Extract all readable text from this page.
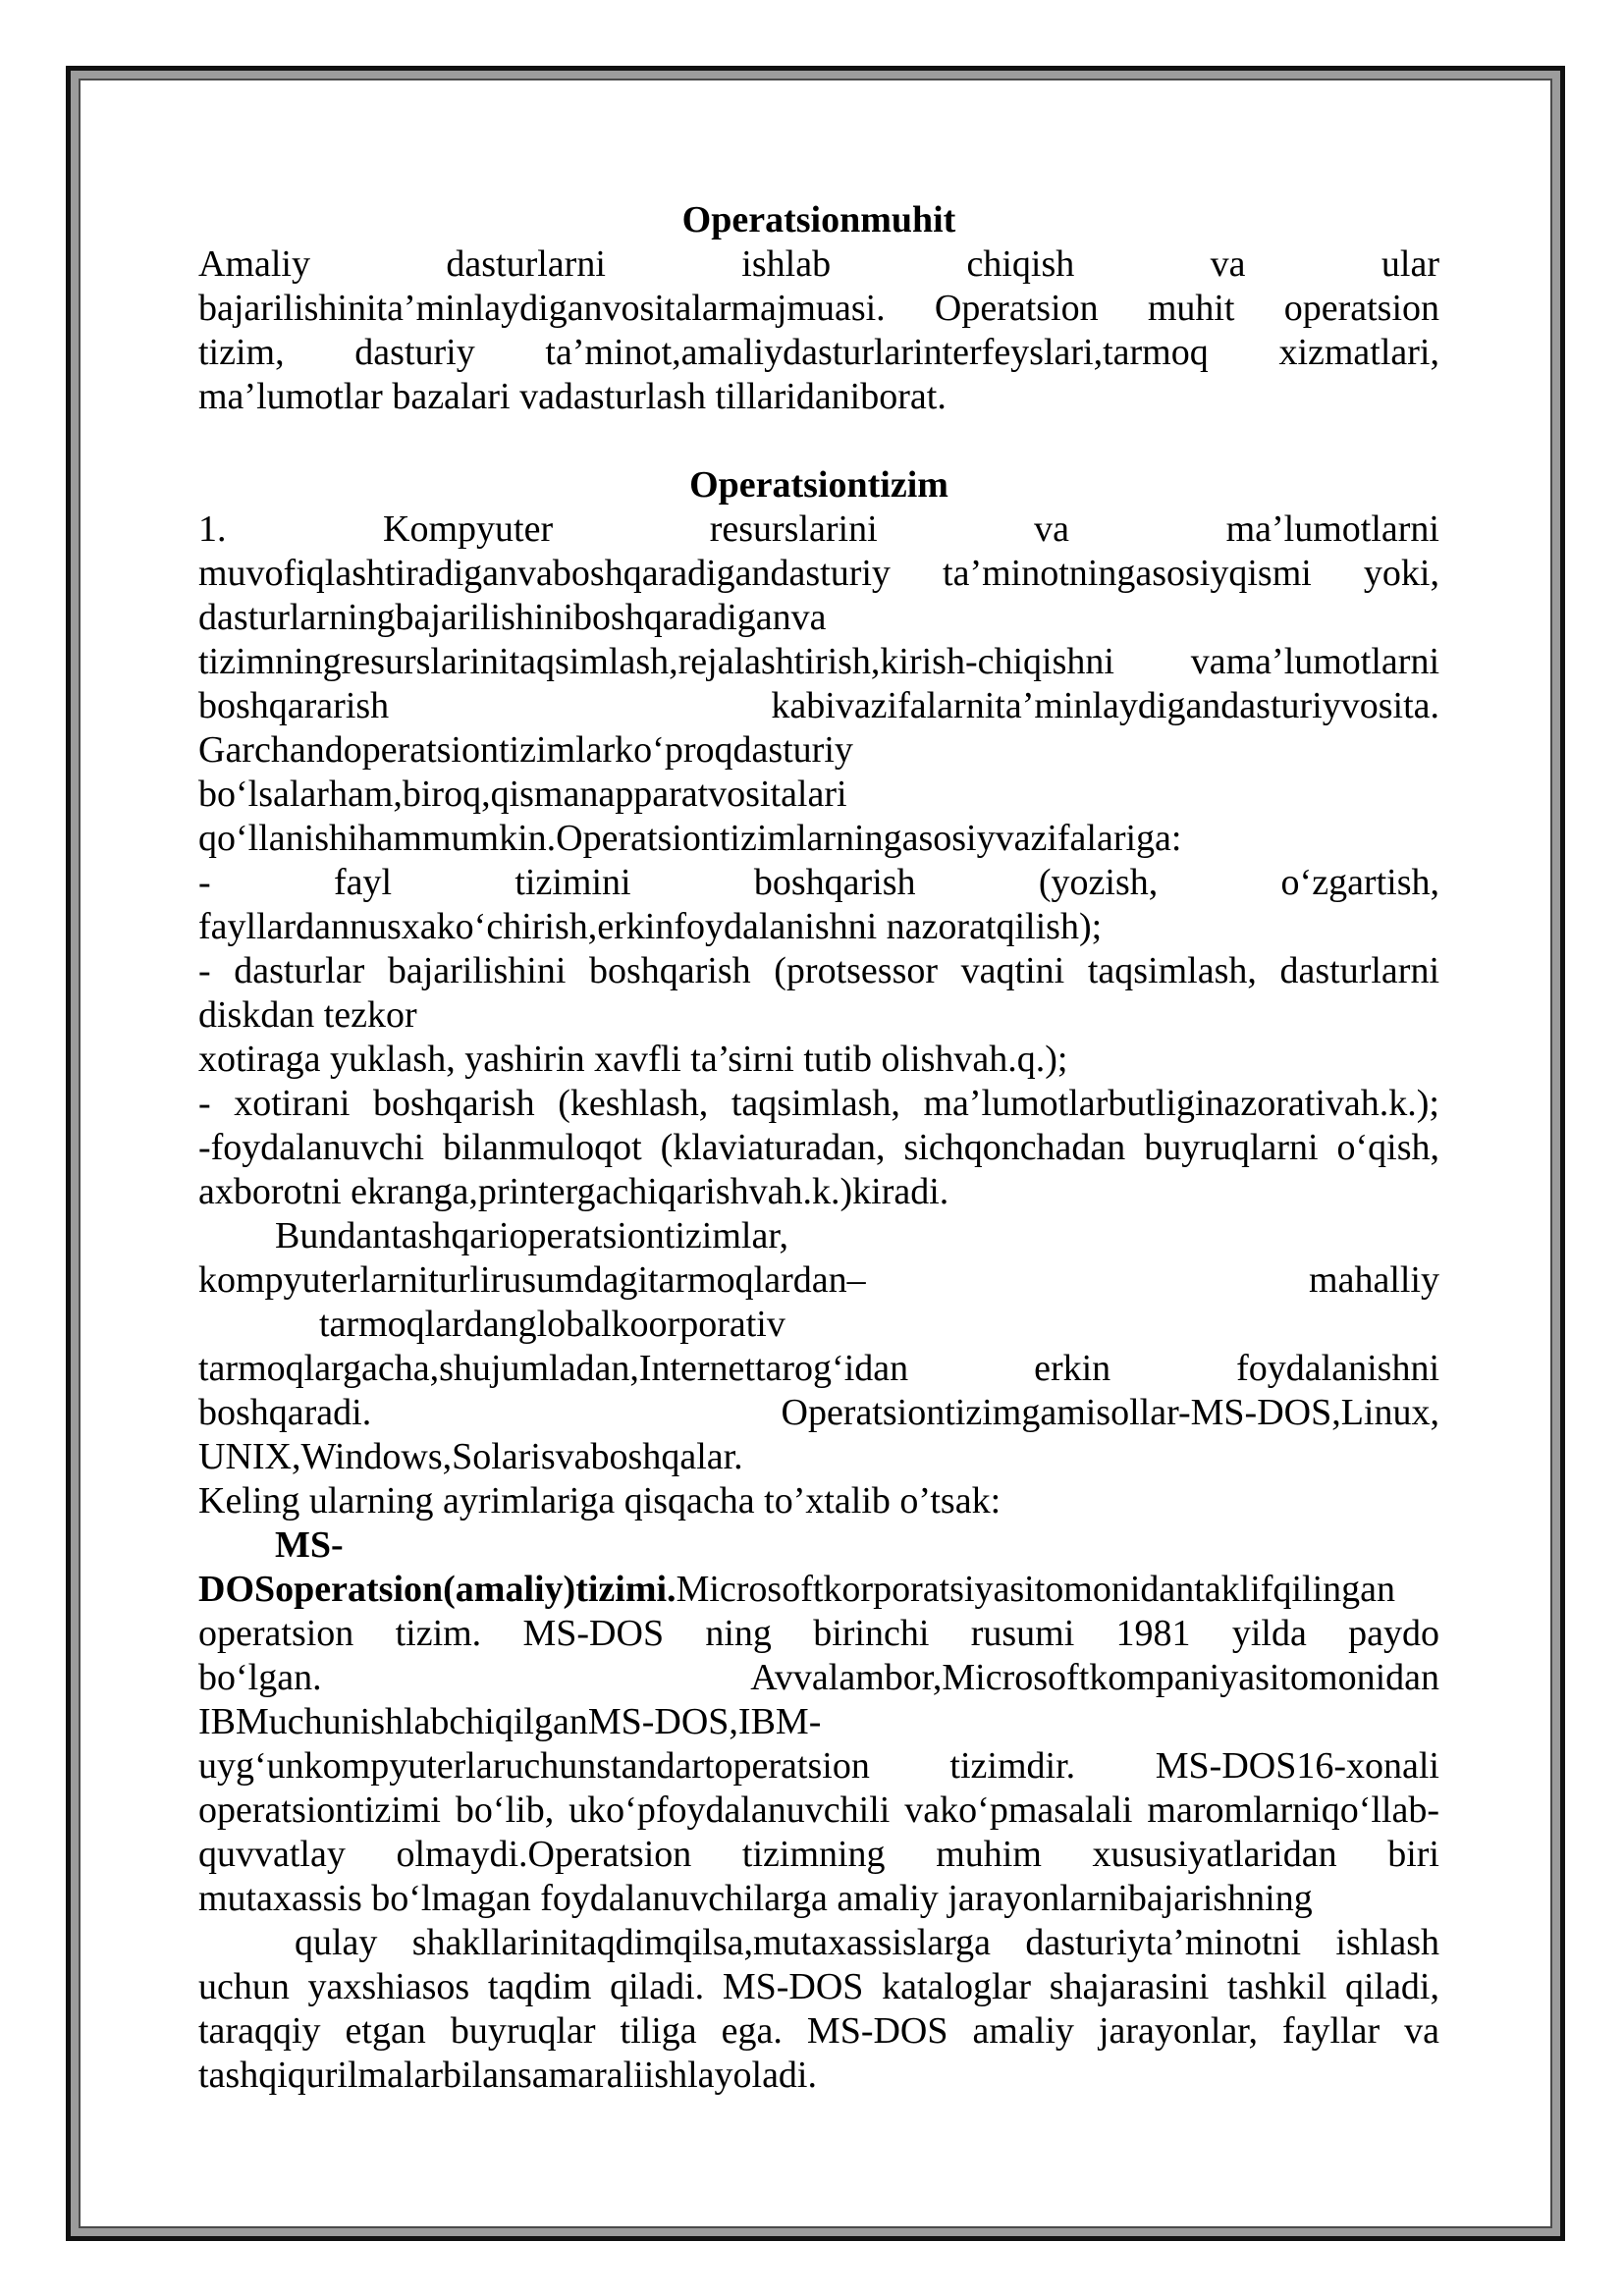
Operatsionmuhit
Amaliy dasturlarni ishlab chiqish va ular
bajarilishinita’minlaydiganvositalarmajmuasi. Operatsion muhit operatsion
tizim, dasturiy ta’minot,amaliydasturlarinterfeyslari,tarmoq xizmatlari,
ma’lumotlar bazalari vadasturlash tillaridaniborat.
Operatsiontizim
1. Kompyuter resurslarini va ma’lumotlarni
muvofiqlashtiradiganvaboshqaradigandasturiy ta’minotningasosiyqismi yoki,
dasturlarningbajarilishiniboshqaradiganva
tizimningresurslarinitaqsimlash,rejalashtirish,kirish-chiqishni vama’lumotlarni
boshqararish kabivazifalarnita’minlaydigandasturiyvosita.
Garchandoperatsiontizimlarko‘proqdasturiy
bo‘lsalarham,biroq,qismanapparatvositalari
qo‘llanishihammumkin.Operatsiontizimlarningasosiyvazifalariga:
- fayl tizimini boshqarish (yozish, o‘zgartish,
fayllardannusxako‘chirish,erkinfoydalanishni nazoratqilish);
- dasturlar bajarilishini boshqarish (protsessor vaqtini taqsimlash, dasturlarni
diskdan tezkor
xotiraga yuklash, yashirin xavfli ta’sirni tutib olishvah.q.);
- xotirani boshqarish (keshlash, taqsimlash, ma’lumotlarbutliginazorativah.k.);
-foydalanuvchi bilanmuloqot (klaviaturadan, sichqonchadan buyruqlarni o‘qish,
axborotni ekranga,printergachiqarishvah.k.)kiradi.
Bundantashqarioperatsiontizimlar,
kompyuterlarniturlirusumdagitarmoqlardan– mahalliy
tarmoqlardanglobalkoorporativ
tarmoqlargacha,shujumladan,Internettarog‘idan erkin foydalanishni
boshqaradi. Operatsiontizimgamisollar-MS-DOS,Linux,
UNIX,Windows,Solarisvaboshqalar.
Keling ularning ayrimlariga qisqacha to’xtalib o’tsak:
MS-
DOSoperatsion(amaliy)tizimi.Microsoftkorporatsiyasitomonidantaklifqilingan
operatsion tizim. MS-DOS ning birinchi rusumi 1981 yilda paydo
bo‘lgan. Avvalambor,Microsoftkompaniyasitomonidan
IBMuchunishlabchiqilganMS-DOS,IBM-
uyg‘unkompyuterlaruchunstandartoperatsion tizimdir. MS-DOS16-xonali
operatsiontizimi bo‘lib, uko‘pfoydalanuvchili vako‘pmasalali maromlarniqo‘llab-
quvvatlay olmaydi.Operatsion tizimning muhim xususiyatlaridan biri
mutaxassis bo‘lmagan foydalanuvchilarga amaliy jarayonlarnibajarishning
qulay shakllarinitaqdimqilsa,mutaxassislarga dasturiyta’minotni ishlash
uchun yaxshiasos taqdim qiladi. MS-DOS kataloglar shajarasini tashkil qiladi,
taraqqiy etgan buyruqlar tiliga ega. MS-DOS amaliy jarayonlar, fayllar va
tashqiqurilmalarbilansamaraliishlayoladi.
